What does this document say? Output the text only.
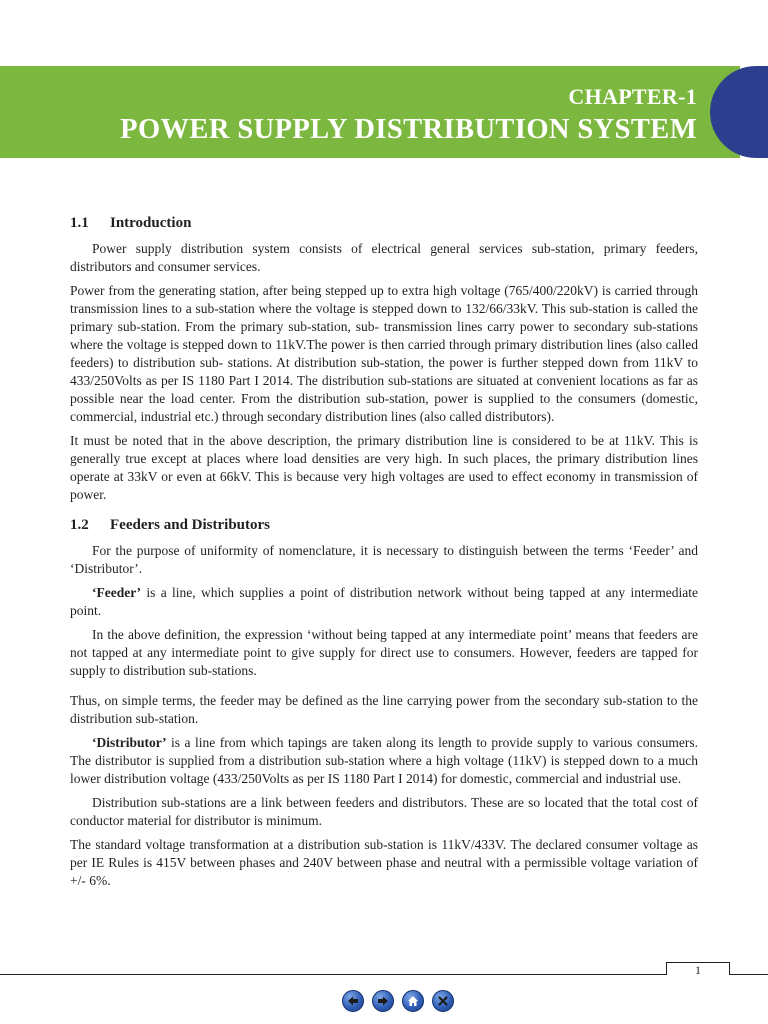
CHAPTER-1
POWER SUPPLY DISTRIBUTION SYSTEM
1.1 Introduction

Power supply distribution system consists of electrical general services sub-station, primary feeders, distributors and consumer services.

Power from the generating station, after being stepped up to extra high voltage (765/400/220kV) is carried through transmission lines to a sub-station where the voltage is stepped down to 132/66/33kV. This sub-station is called the primary sub-station. From the primary sub-station, sub- transmission lines carry power to secondary sub-stations where the voltage is stepped down to 11kV.The power is then carried through primary distribution lines (also called feeders) to distribution sub- stations. At distribution sub-station, the power is further stepped down from 11kV to 433/250Volts as per IS 1180 Part I 2014. The distribution sub-stations are situated at convenient locations as far as possible near the load center. From the distribution sub-station, power is supplied to the consumers (domestic, commercial, industrial etc.) through secondary distribution lines (also called distributors).

It must be noted that in the above description, the primary distribution line is considered to be at 11kV. This is generally true except at places where load densities are very high. In such places, the primary distribution lines operate at 33kV or even at 66kV. This is because very high voltages are used to effect economy in transmission of power.

1.2 Feeders and Distributors

For the purpose of uniformity of nomenclature, it is necessary to distinguish between the terms ‘Feeder’ and ‘Distributor’.

‘Feeder’ is a line, which supplies a point of distribution network without being tapped at any intermediate point.

In the above definition, the expression ‘without being tapped at any intermediate point’ means that feeders are not tapped at any intermediate point to give supply for direct use to consumers. However, feeders are tapped for supply to distribution sub-stations.

Thus, on simple terms, the feeder may be defined as the line carrying power from the secondary sub-station to the distribution sub-station.

‘Distributor’ is a line from which tapings are taken along its length to provide supply to various consumers. The distributor is supplied from a distribution sub-station where a high voltage (11kV) is stepped down to a much lower distribution voltage (433/250Volts as per IS 1180 Part I 2014) for domestic, commercial and industrial use.

Distribution sub-stations are a link between feeders and distributors. These are so located that the total cost of conductor material for distributor is minimum.

The standard voltage transformation at a distribution sub-station is 11kV/433V. The declared consumer voltage as per IE Rules is 415V between phases and 240V between phase and neutral with a permissible voltage variation of +/- 6%.

1
